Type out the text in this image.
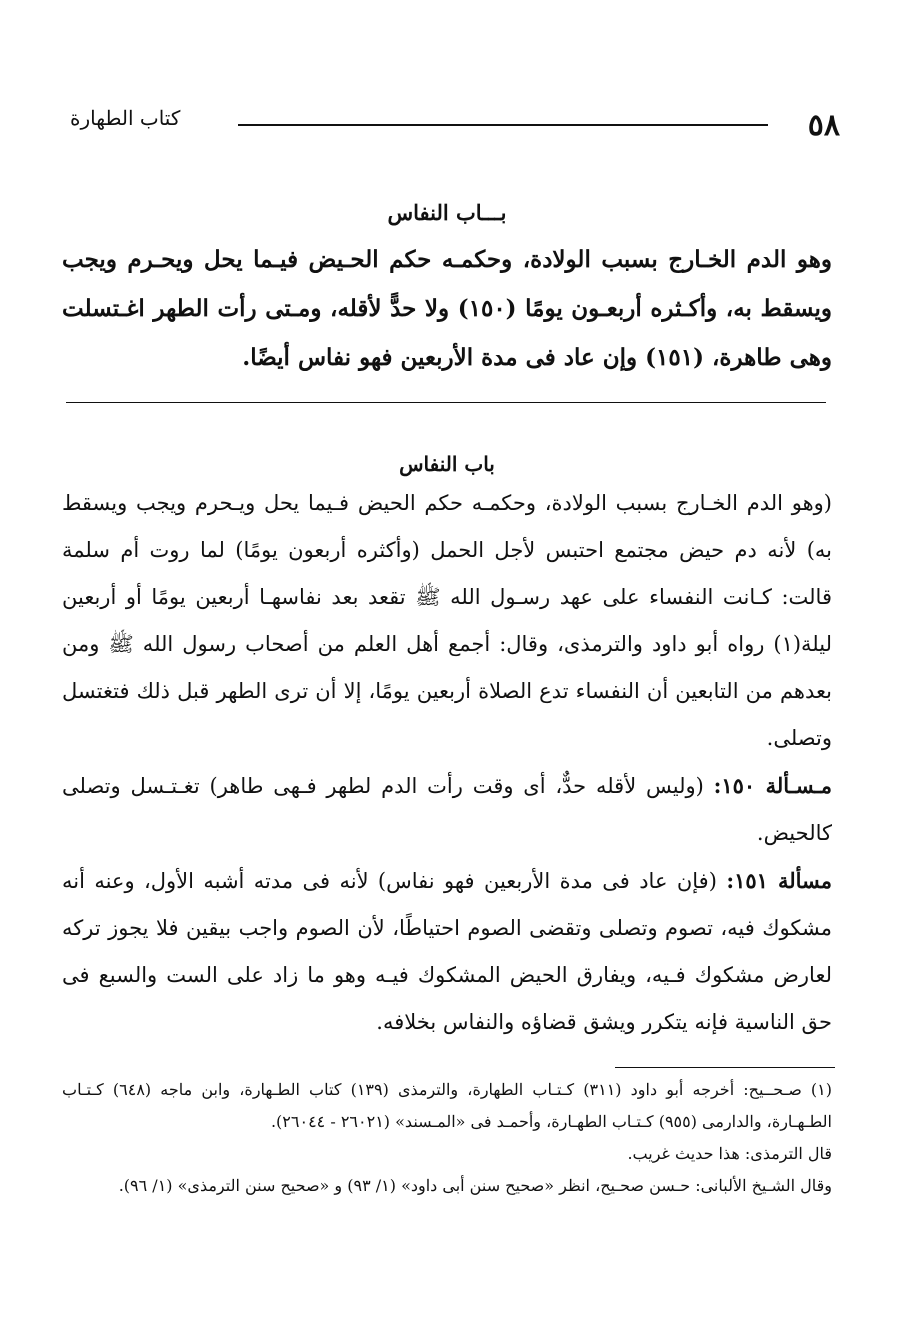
٥٨
كتاب الطهارة
بـــاب النفاس

وهو الدم الخـارج بسبب الولادة، وحكمـه حكم الحـيض فيـما يحل ويحـرم ويجب ويسقط به، وأكـثره أربعـون يومًا (١٥٠) ولا حدًّ لأقله، ومـتى رأت الطهر اغـتسلت وهى طاهرة، (١٥١) وإن عاد فى مدة الأربعين فهو نفاس أيضًا.

باب النفاس

(وهو الدم الخـارج بسبب الولادة، وحكمـه حكم الحيض فـيما يحل ويـحرم ويجب ويسقط به) لأنه دم حيض مجتمع احتبس لأجل الحمل (وأكثره أربعون يومًا) لما روت أم سلمة قالت: كـانت النفساء على عهد رسـول الله ﷺ تقعد بعد نفاسهـا أربعين يومًا أو أربعين ليلة(١) رواه أبو داود والترمذى، وقال: أجمع أهل العلم من أصحاب رسول الله ﷺ ومن بعدهم من التابعين أن النفساء تدع الصلاة أربعين يومًا، إلا أن ترى الطهر قبل ذلك فتغتسل وتصلى.

مـسـألة ١٥٠: (وليس لأقله حدٌّ، أى وقت رأت الدم لطهر فـهى طاهر) تغـتـسل وتصلى كالحيض.

مسألة ١٥١: (فإن عاد فى مدة الأربعين فهو نفاس) لأنه فى مدته أشبه الأول، وعنه أنه مشكوك فيه، تصوم وتصلى وتقضى الصوم احتياطًا، لأن الصوم واجب بيقين فلا يجوز تركه لعارض مشكوك فـيه، ويفارق الحيض المشكوك فيـه وهو ما زاد على الست والسبع فى حق الناسية فإنه يتكرر ويشق قضاؤه والنفاس بخلافه.

(١) صـحــيح: أخرجه أبو داود (٣١١) كـتـاب الطهارة، والترمذى (١٣٩) كتاب الطـهارة، وابن ماجه (٦٤٨) كـتـاب الطـهـارة، والدارمى (٩٥٥) كـتـاب الطهـارة، وأحمـد فى «المـسند» (٢٦٠٢١ - ٢٦٠٤٤).

قال الترمذى: هذا حديث غريب.

وقال الشـيخ الألبانى: حـسن صحـيح، انظر «صحيح سنن أبى داود» (١/ ٩٣) و «صحيح سنن الترمذى» (١/ ٩٦).
